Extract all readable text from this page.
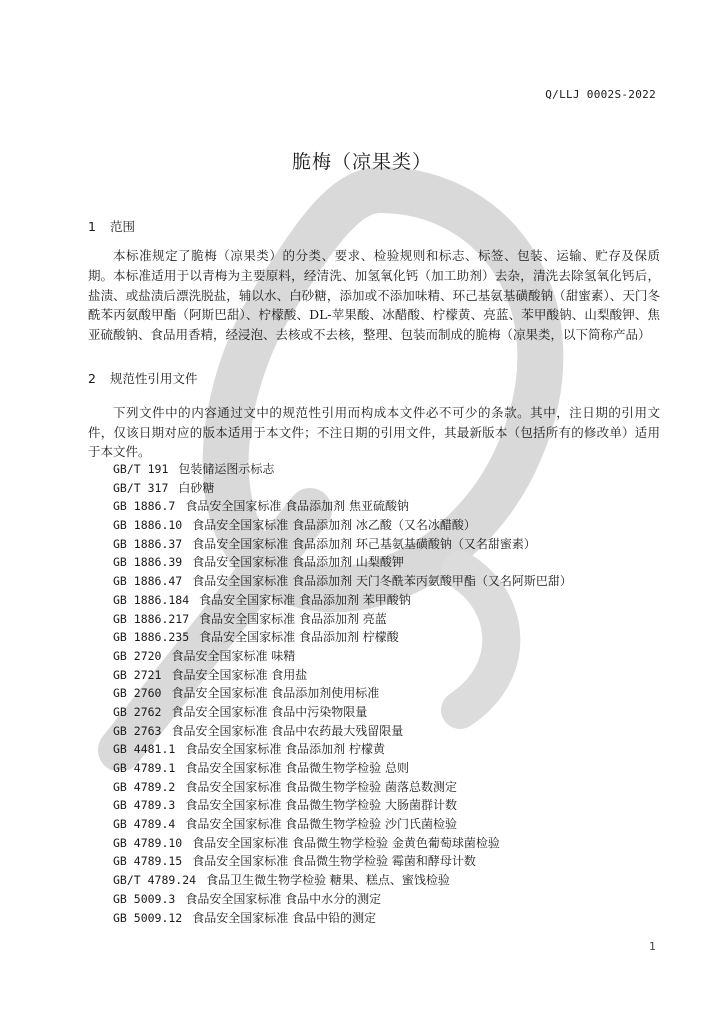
Q/LLJ 0002S-2022
脆梅（凉果类）
1 范围

本标准规定了脆梅（凉果类）的分类、要求、检验规则和标志、标签、包装、运输、贮存及保质期。 本标准适用于以青梅为主要原料，经清洗、加氢氧化钙（加工助剂）去杂，清洗去除氢氧化钙后，盐渍、或盐渍后漂洗脱盐，辅以水、白砂糖，添加或不添加味精、环己基氨基磺酸钠（甜蜜素）、天门冬酰苯丙氨酸甲酯（阿斯巴甜）、柠檬酸、DL-苹果酸、冰醋酸、柠檬黄、亮蓝、苯甲酸钠、山梨酸钾、焦亚硫酸钠、食品用香精，经浸泡、去核或不去核，整理、包装而制成的脆梅（凉果类，以下简称产品）

2 规范性引用文件

下列文件中的内容通过文中的规范性引用而构成本文件必不可少的条款。其中，注日期的引用文件，仅该日期对应的版本适用于本文件；不注日期的引用文件，其最新版本（包括所有的修改单）适用于本文件。

GB/T 191 包装储运图示标志
GB/T 317 白砂糖
GB 1886.7 食品安全国家标准 食品添加剂 焦亚硫酸钠
GB 1886.10 食品安全国家标准 食品添加剂 冰乙酸（又名冰醋酸）
GB 1886.37 食品安全国家标准 食品添加剂 环己基氨基磺酸钠（又名甜蜜素）
GB 1886.39 食品安全国家标准 食品添加剂 山梨酸钾
GB 1886.47 食品安全国家标准 食品添加剂 天门冬酰苯丙氨酸甲酯（又名阿斯巴甜）
GB 1886.184 食品安全国家标准 食品添加剂 苯甲酸钠
GB 1886.217 食品安全国家标准 食品添加剂 亮蓝
GB 1886.235 食品安全国家标准 食品添加剂 柠檬酸
GB 2720 食品安全国家标准 味精
GB 2721 食品安全国家标准 食用盐
GB 2760 食品安全国家标准 食品添加剂使用标准
GB 2762 食品安全国家标准 食品中污染物限量
GB 2763 食品安全国家标准 食品中农药最大残留限量
GB 4481.1 食品安全国家标准 食品添加剂 柠檬黄
GB 4789.1 食品安全国家标准 食品微生物学检验 总则
GB 4789.2 食品安全国家标准 食品微生物学检验 菌落总数测定
GB 4789.3 食品安全国家标准 食品微生物学检验 大肠菌群计数
GB 4789.4 食品安全国家标准 食品微生物学检验 沙门氏菌检验
GB 4789.10 食品安全国家标准 食品微生物学检验 金黄色葡萄球菌检验
GB 4789.15 食品安全国家标准 食品微生物学检验 霉菌和酵母计数
GB/T 4789.24 食品卫生微生物学检验 糖果、糕点、蜜饯检验
GB 5009.3 食品安全国家标准 食品中水分的测定
GB 5009.12 食品安全国家标准 食品中铅的测定
1
